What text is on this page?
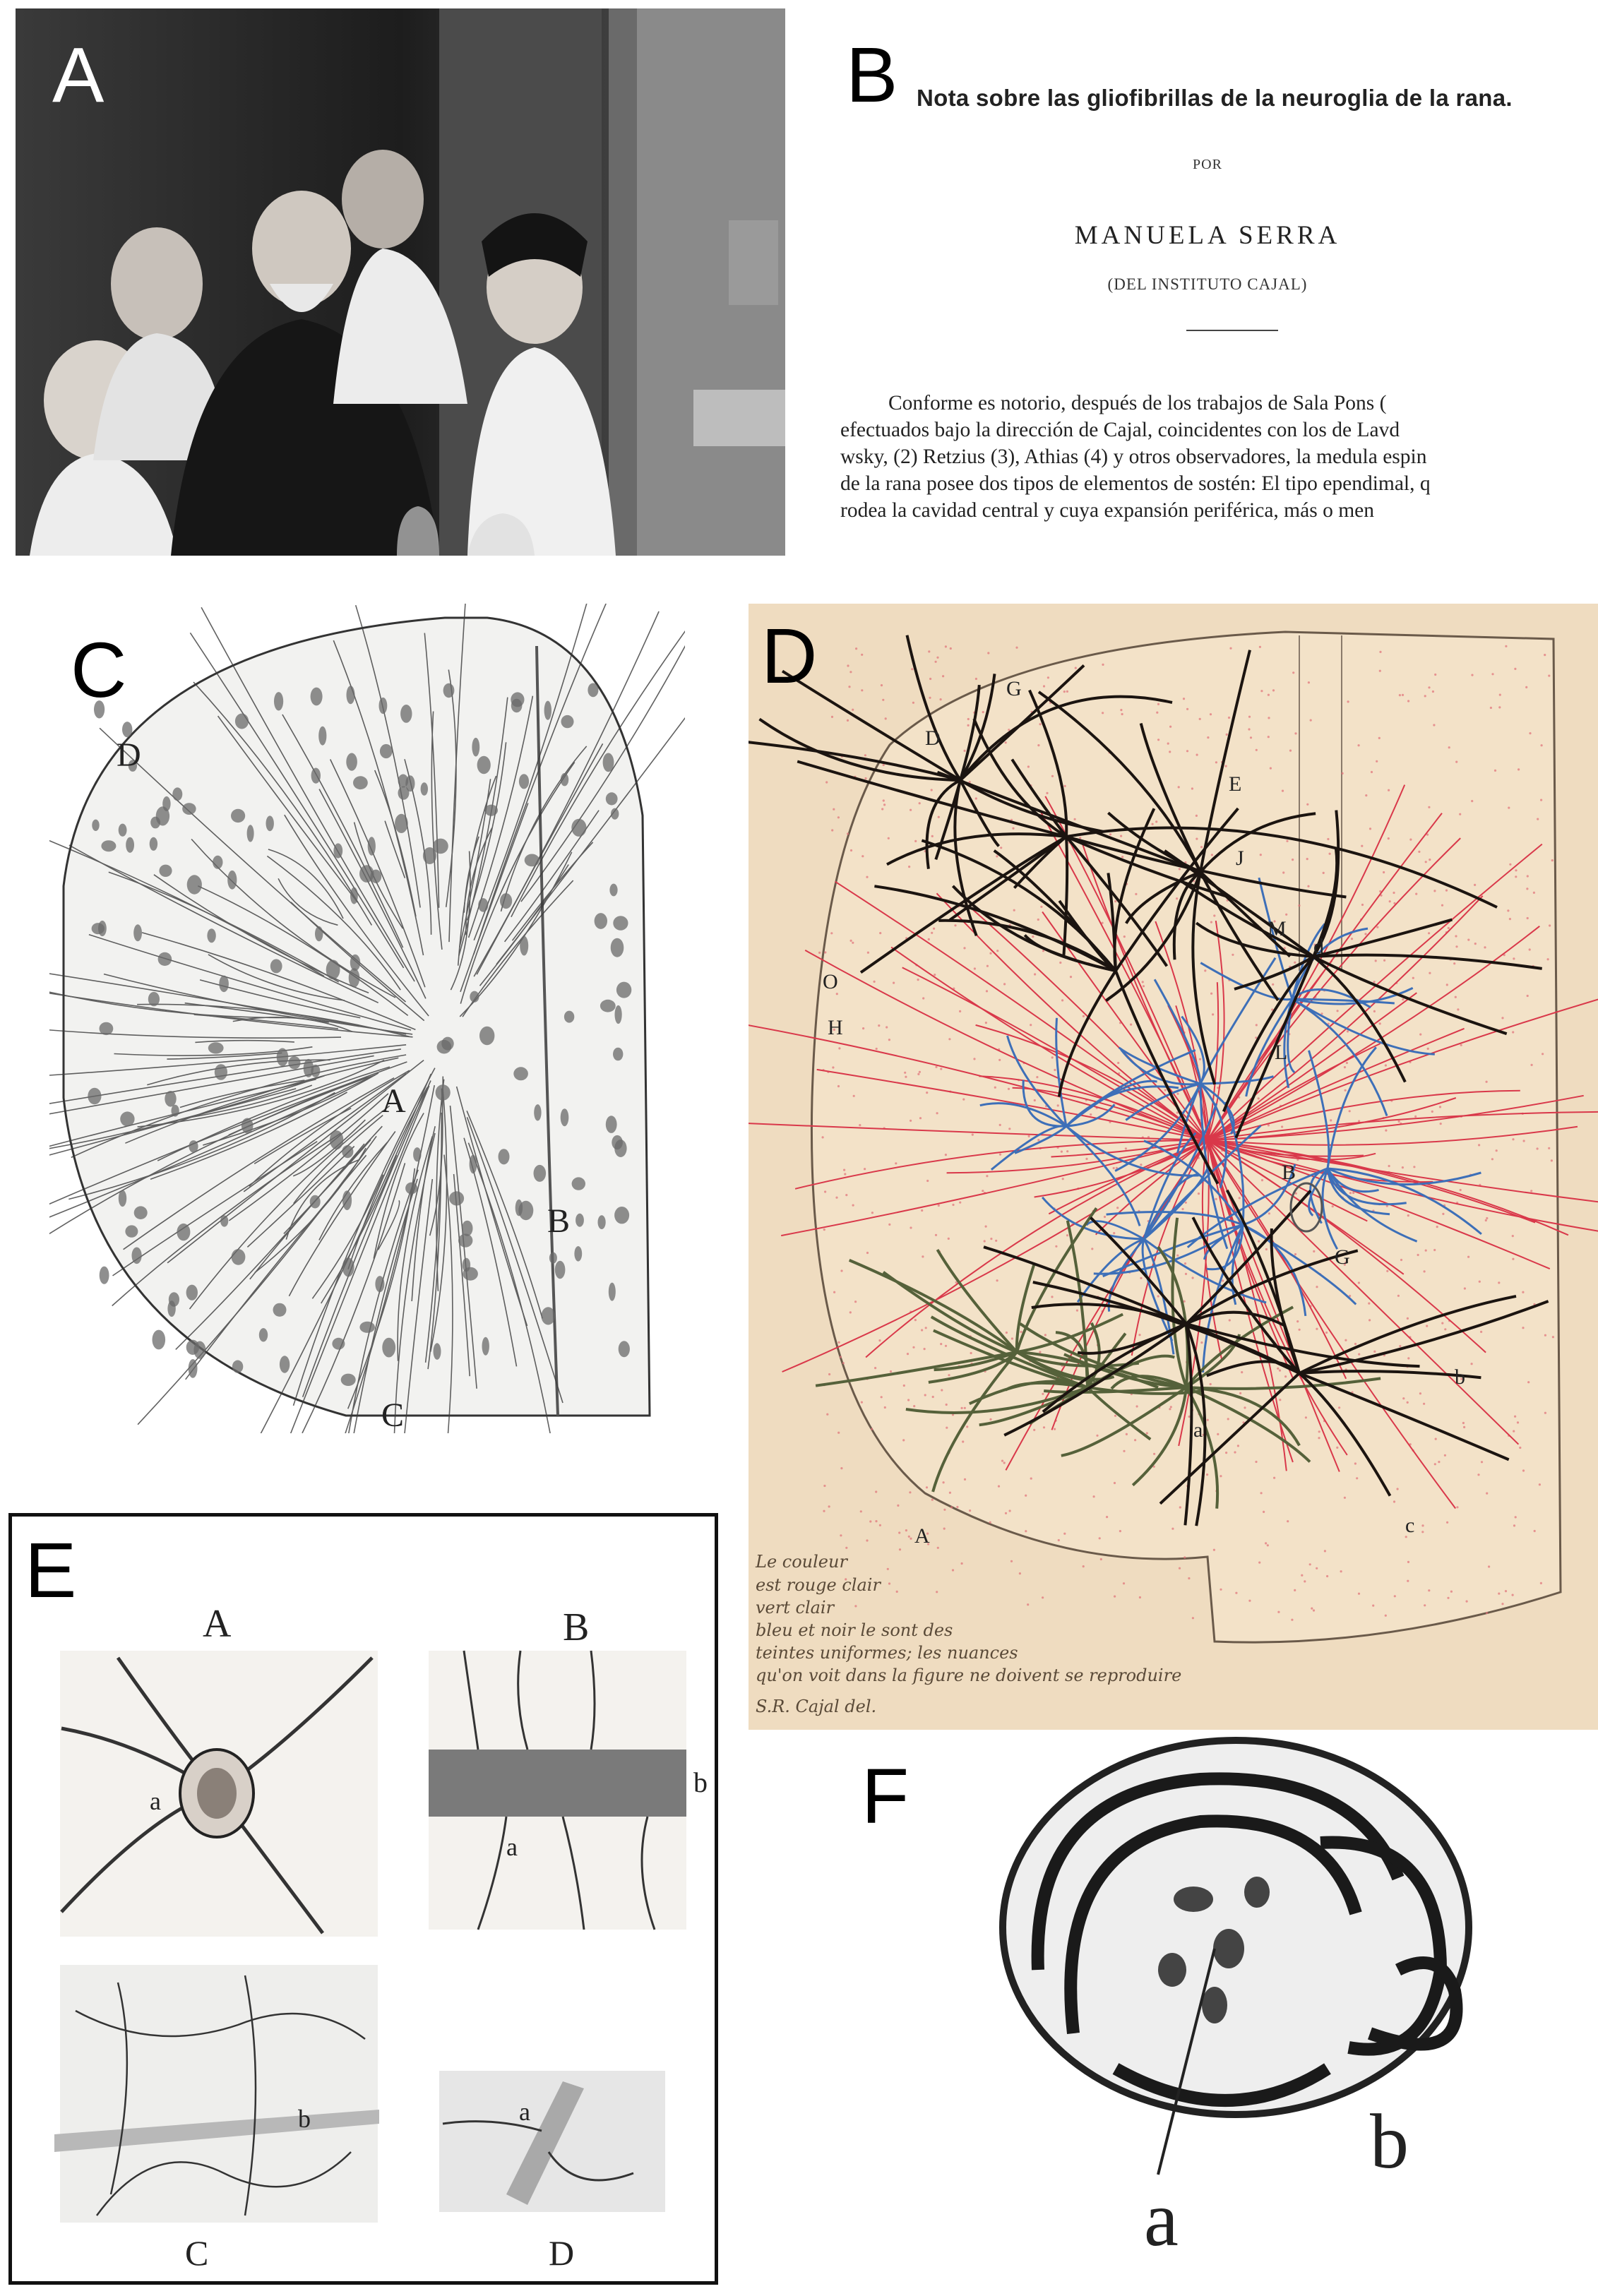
A	B Nota sobre las gliofibrillas de la neuroglia de la rana.
POR
MANUELA SERRA
(DEL INSTITUTO CAJAL)
Conforme es notorio, después de los trabajos de Sala Pons (
efectuados bajo la dirección de Cajal, coincidentes con los de Lavd
wsky, (2) Retzius (3), Athias (4) y otros observadores, la medula espin
de la rana posee dos tipos de elementos de sostén: El tipo ependimal, q
rodea la cavidad central y cuya expansión periférica, más o men
D
A
B
C
C	G
D
E
J
M
d
O
H
L
B
G
b
a
A	c
Le couleur
est rouge clair
vert clair
bleu et noir le sont des
teintes uniformes; les nuances
qu'on voit dans la figure ne doivent se reproduire
S.R. Cajal del.
D
A
a
B
b
a
b
C
a
D
E
a
b
F
